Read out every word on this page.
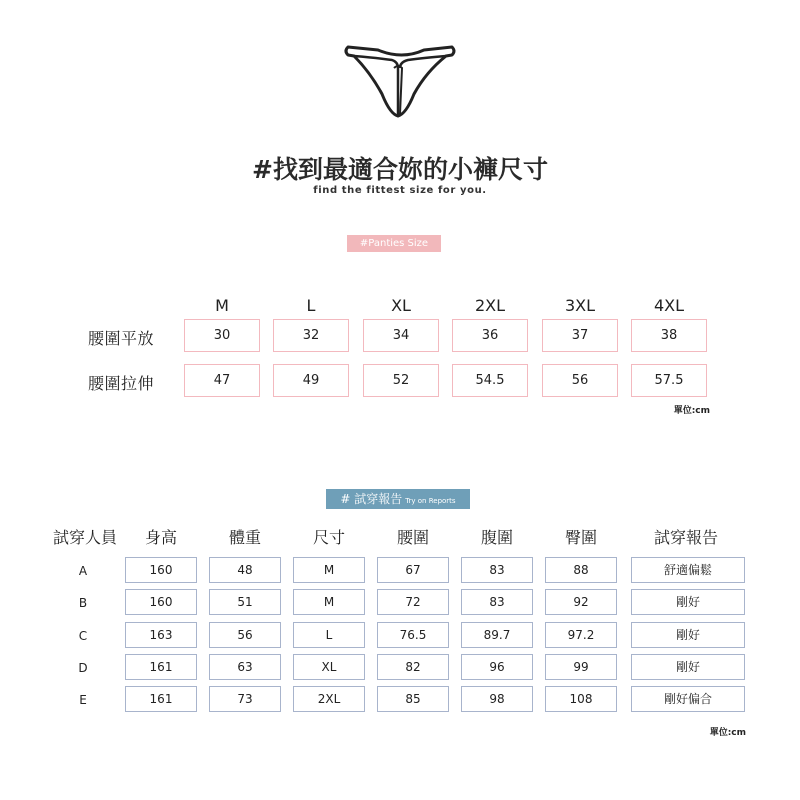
#找到最適合妳的小褲尺寸
find the fittest size for you.
#Panties Size
M	L	XL	2XL	3XL	4XL
腰圍平放	30	32	34	36	37	38
腰圍拉伸	47	49	52	54.5	56	57.5
單位:cm
# 試穿報告 Try on Reports
試穿人員	身高	體重	尺寸	腰圍	腹圍	臀圍	試穿報告
A	160	48	M	67	83	88	舒適偏鬆
B	160	51	M	72	83	92	剛好
C	163	56	L	76.5	89.7	97.2	剛好
D	161	63	XL	82	96	99	剛好
E	161	73	2XL	85	98	108	剛好偏合
單位:cm
